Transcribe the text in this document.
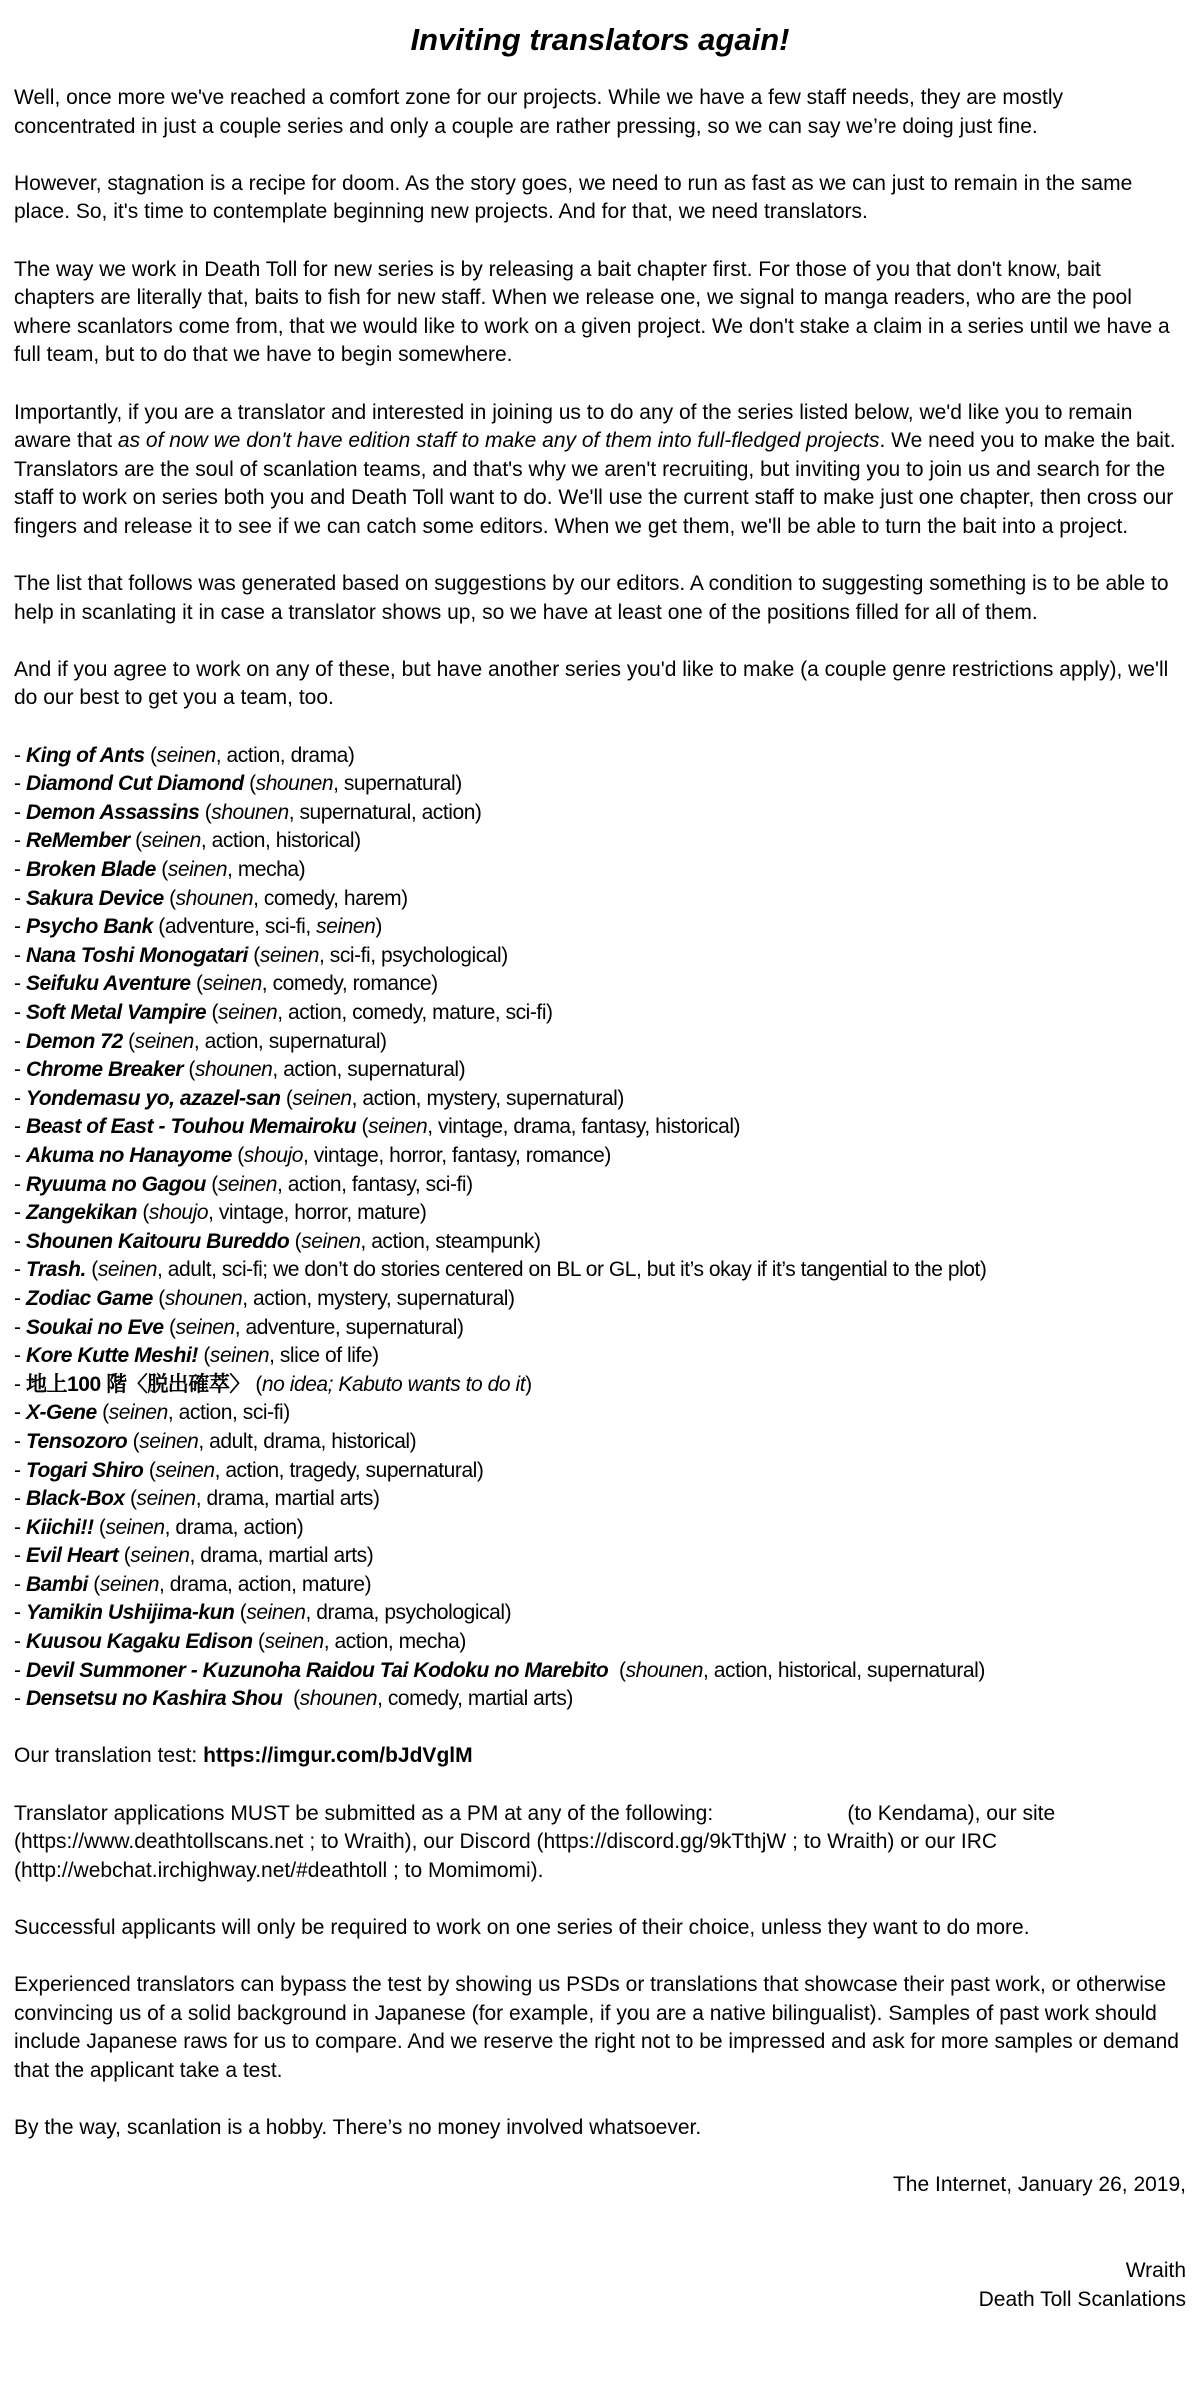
Inviting translators again!

Well, once more we've reached a comfort zone for our projects. While we have a few staff needs, they are mostly concentrated in just a couple series and only a couple are rather pressing, so we can say we’re doing just fine.

However, stagnation is a recipe for doom. As the story goes, we need to run as fast as we can just to remain in the same place. So, it's time to contemplate beginning new projects. And for that, we need translators.

The way we work in Death Toll for new series is by releasing a bait chapter first. For those of you that don't know, bait chapters are literally that, baits to fish for new staff. When we release one, we signal to manga readers, who are the pool where scanlators come from, that we would like to work on a given project. We don't stake a claim in a series until we have a full team, but to do that we have to begin somewhere.

Importantly, if you are a translator and interested in joining us to do any of the series listed below, we'd like you to remain aware that as of now we don't have edition staff to make any of them into full-fledged projects. We need you to make the bait. Translators are the soul of scanlation teams, and that's why we aren't recruiting, but inviting you to join us and search for the staff to work on series both you and Death Toll want to do. We'll use the current staff to make just one chapter, then cross our fingers and release it to see if we can catch some editors. When we get them, we'll be able to turn the bait into a project.

The list that follows was generated based on suggestions by our editors. A condition to suggesting something is to be able to help in scanlating it in case a translator shows up, so we have at least one of the positions filled for all of them.

And if you agree to work on any of these, but have another series you'd like to make (a couple genre restrictions apply), we'll do our best to get you a team, too.

- King of Ants (seinen, action, drama)
- Diamond Cut Diamond (shounen, supernatural)
- Demon Assassins (shounen, supernatural, action)
- ReMember (seinen, action, historical)
- Broken Blade (seinen, mecha)
- Sakura Device (shounen, comedy, harem)
- Psycho Bank (adventure, sci-fi, seinen)
- Nana Toshi Monogatari (seinen, sci-fi, psychological)
- Seifuku Aventure (seinen, comedy, romance)
- Soft Metal Vampire (seinen, action, comedy, mature, sci-fi)
- Demon 72 (seinen, action, supernatural)
- Chrome Breaker (shounen, action, supernatural)
- Yondemasu yo, azazel-san (seinen, action, mystery, supernatural)
- Beast of East - Touhou Memairoku (seinen, vintage, drama, fantasy, historical)
- Akuma no Hanayome (shoujo, vintage, horror, fantasy, romance)
- Ryuuma no Gagou (seinen, action, fantasy, sci-fi)
- Zangekikan (shoujo, vintage, horror, mature)
- Shounen Kaitouru Bureddo (seinen, action, steampunk)
- Trash. (seinen, adult, sci-fi; we don’t do stories centered on BL or GL, but it’s okay if it’s tangential to the plot)
- Zodiac Game (shounen, action, mystery, supernatural)
- Soukai no Eve (seinen, adventure, supernatural)
- Kore Kutte Meshi! (seinen, slice of life)
- 地上100 階〈脱出確萃〉 (no idea; Kabuto wants to do it)
- X-Gene (seinen, action, sci-fi)
- Tensozoro (seinen, adult, drama, historical)
- Togari Shiro (seinen, action, tragedy, supernatural)
- Black-Box (seinen, drama, martial arts)
- Kiichi!! (seinen, drama, action)
- Evil Heart (seinen, drama, martial arts)
- Bambi (seinen, drama, action, mature)
- Yamikin Ushijima-kun (seinen, drama, psychological)
- Kuusou Kagaku Edison (seinen, action, mecha)
- Devil Summoner - Kuzunoha Raidou Tai Kodoku no Marebito  (shounen, action, historical, supernatural)
- Densetsu no Kashira Shou  (shounen, comedy, martial arts)

Our translation test: https://imgur.com/bJdVglM

Translator applications MUST be submitted as a PM at any of the following:	(to Kendama), our site (https://www.deathtollscans.net ; to Wraith), our Discord (https://discord.gg/9kTthjW ; to Wraith) or our IRC (http://webchat.irchighway.net/#deathtoll ; to Momimomi).

Successful applicants will only be required to work on one series of their choice, unless they want to do more.

Experienced translators can bypass the test by showing us PSDs or translations that showcase their past work, or otherwise convincing us of a solid background in Japanese (for example, if you are a native bilingualist). Samples of past work should include Japanese raws for us to compare. And we reserve the right not to be impressed and ask for more samples or demand that the applicant take a test.

By the way, scanlation is a hobby. There’s no money involved whatsoever.

The Internet, January 26, 2019,

Wraith

Death Toll Scanlations
